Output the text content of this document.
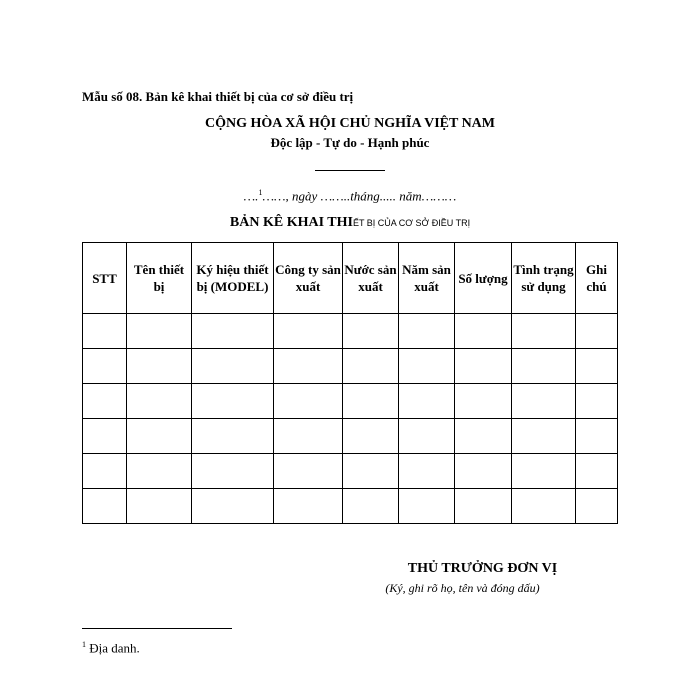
Mẫu số 08. Bản kê khai thiết bị của cơ sở điều trị
CỘNG HÒA XÃ HỘI CHỦ NGHĨA VIỆT NAM
Độc lập - Tự do - Hạnh phúc
….$^1$……, ngày ……..tháng..... năm………
BẢN KÊ KHAI THIẾT BỊ CỦA CƠ SỞ ĐIỀU TRỊ
STT	Tên thiết bị	Ký hiệu thiết bị (MODEL)	Công ty sản xuất	Nước sản xuất	Năm sản xuất	Số lượng	Tình trạng sử dụng	Ghi chú

THỦ TRƯỞNG ĐƠN VỊ
(Ký, ghi rõ họ, tên và đóng dấu)
$^1$ Địa danh.
